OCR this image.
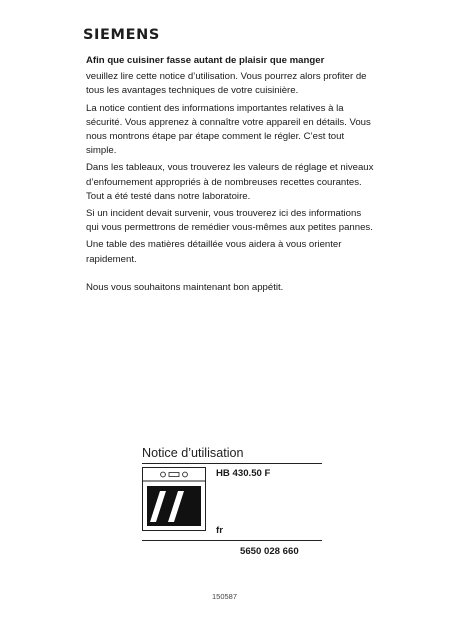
SIEMENS

Afin que cuisiner fasse autant de plaisir que manger

veuillez lire cette notice d’utilisation. Vous pourrez alors profiter de tous les avantages techniques de votre cuisinière.

La notice contient des informations importantes relatives à la sécurité. Vous apprenez à connaître votre appareil en détails. Vous nous montrons étape par étape comment le régler. C’est tout simple.

Dans les tableaux, vous trouverez les valeurs de réglage et niveaux d’enfournement appropriés à de nombreuses recettes courantes. Tout a été testé dans notre laboratoire.

Si un incident devait survenir, vous trouverez ici des informations qui vous permettrons de remédier vous-mêmes aux petites pannes.

Une table des matières détaillée vous aidera à vous orienter rapidement.

Nous vous souhaitons maintenant bon appétit.

Notice d’utilisation
HB 430.50 F
fr
5650 028 660
150587
